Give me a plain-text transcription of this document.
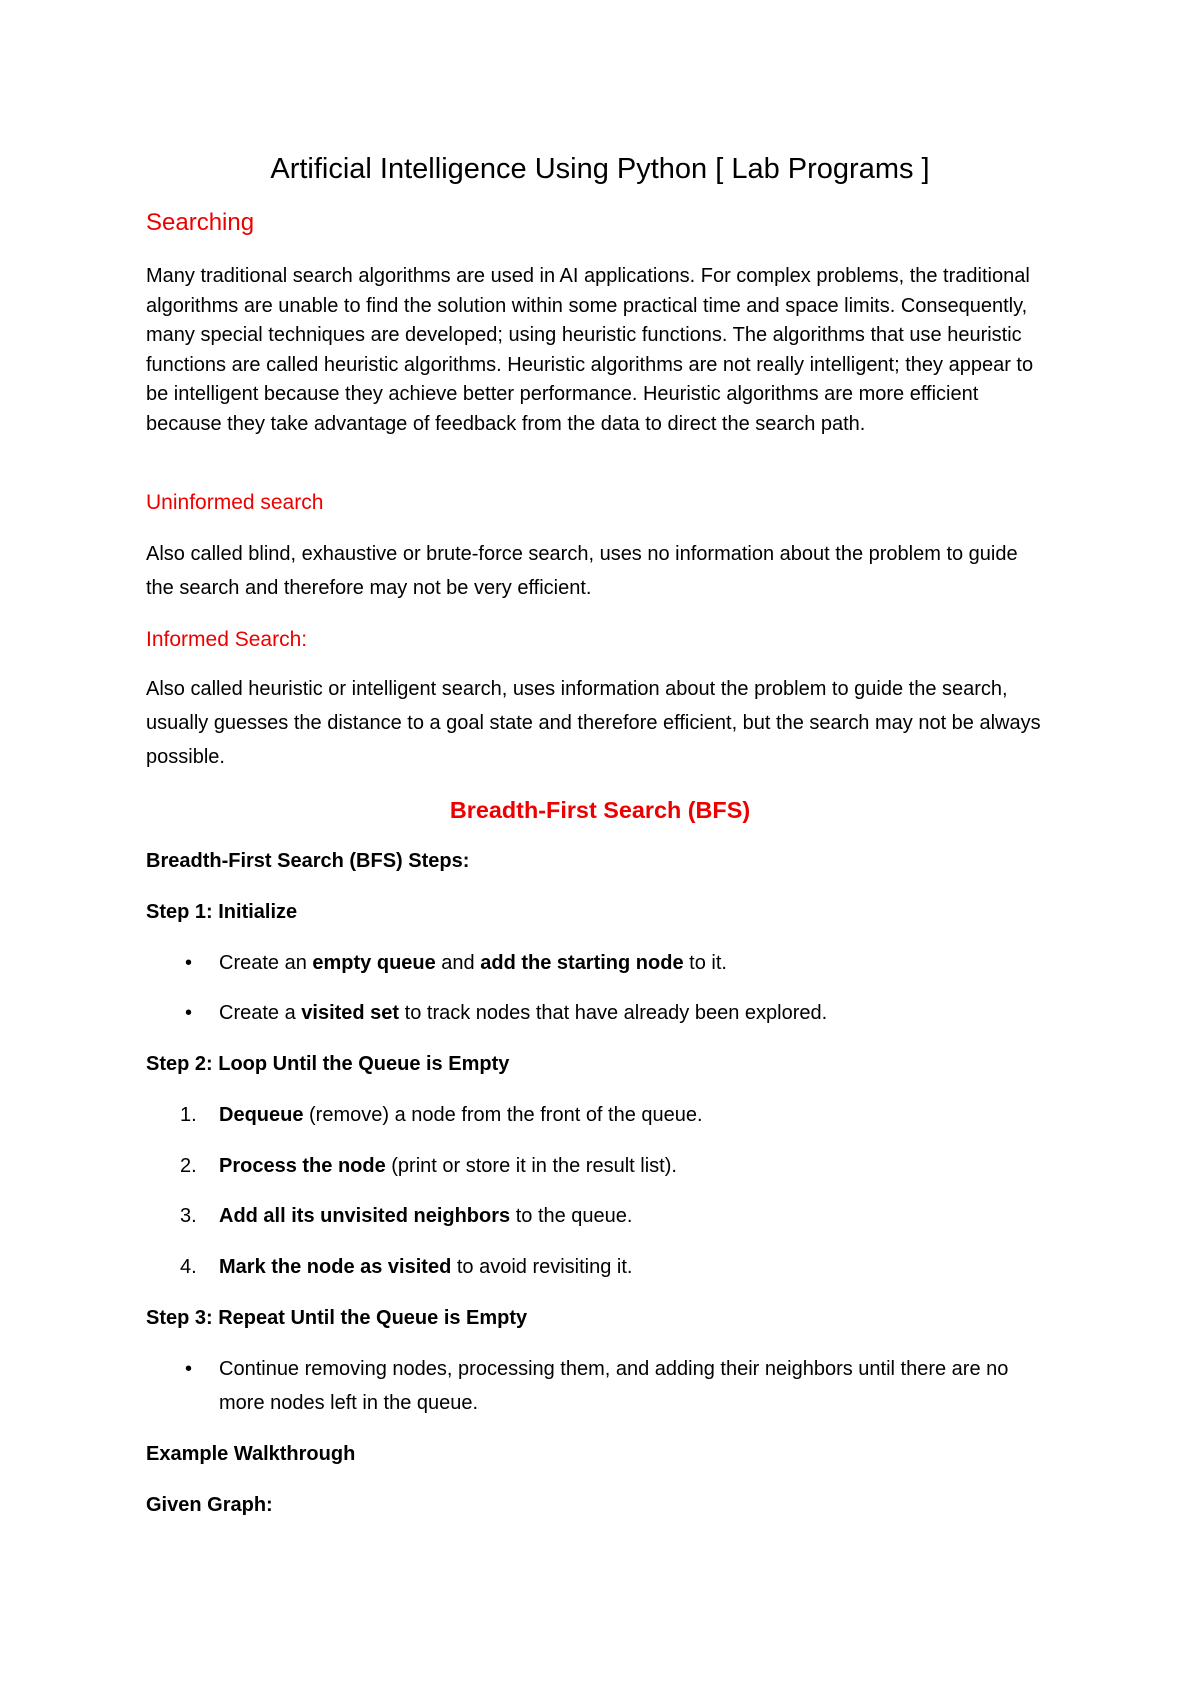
Artificial Intelligence Using Python [ Lab Programs ]
Searching

Many traditional search algorithms are used in AI applications. For complex problems, the traditional algorithms are unable to find the solution within some practical time and space limits. Consequently, many special techniques are developed; using heuristic functions. The algorithms that use heuristic functions are called heuristic algorithms. Heuristic algorithms are not really intelligent; they appear to be intelligent because they achieve better performance. Heuristic algorithms are more efficient because they take advantage of feedback from the data to direct the search path.

Uninformed search

Also called blind, exhaustive or brute-force search, uses no information about the problem to guide the search and therefore may not be very efficient.

Informed Search:

Also called heuristic or intelligent search, uses information about the problem to guide the search, usually guesses the distance to a goal state and therefore efficient, but the search may not be always possible.

Breadth-First Search (BFS)

Breadth-First Search (BFS) Steps:

Step 1: Initialize

• Create an empty queue and add the starting node to it.

• Create a visited set to track nodes that have already been explored.

Step 2: Loop Until the Queue is Empty

1. Dequeue (remove) a node from the front of the queue.

2. Process the node (print or store it in the result list).

3. Add all its unvisited neighbors to the queue.

4. Mark the node as visited to avoid revisiting it.

Step 3: Repeat Until the Queue is Empty

• Continue removing nodes, processing them, and adding their neighbors until there are no more nodes left in the queue.

Example Walkthrough

Given Graph:
